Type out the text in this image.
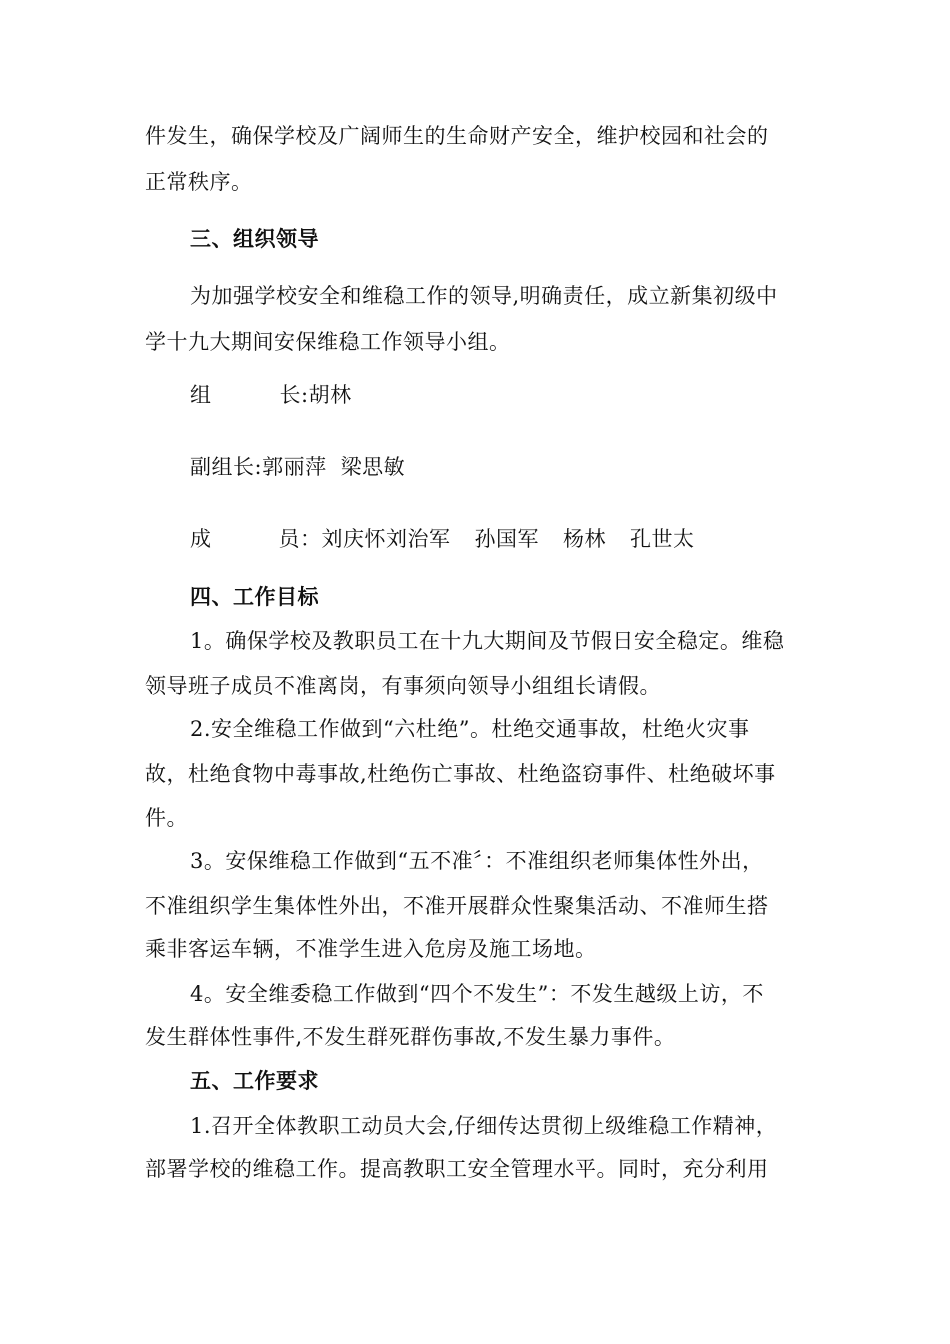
件发生，确保学校及广阔师生的生命财产安全，维护校园和社会的
正常秩序。
三、组织领导
为加强学校安全和维稳工作的领导,明确责任，成立新集初级中
学十九大期间安保维稳工作领导小组。
组	长:胡林
副组长:郭丽萍 梁思敏
成	员：刘庆怀刘治军 孙国军 杨林 孔世太
四、工作目标
1。确保学校及教职员工在十九大期间及节假日安全稳定。维稳
领导班子成员不准离岗，有事须向领导小组组长请假。
2.安全维稳工作做到“六杜绝”。杜绝交通事故，杜绝火灾事
故，杜绝食物中毒事故,杜绝伤亡事故、杜绝盗窃事件、杜绝破坏事
件。
3。安保维稳工作做到“五不准〞：不准组织老师集体性外出，
不准组织学生集体性外出，不准开展群众性聚集活动、不准师生搭
乘非客运车辆，不准学生进入危房及施工场地。
4。安全维委稳工作做到“四个不发生”：不发生越级上访，不
发生群体性事件,不发生群死群伤事故,不发生暴力事件。
五、工作要求
1.召开全体教职工动员大会,仔细传达贯彻上级维稳工作精神，
部署学校的维稳工作。提高教职工安全管理水平。同时，充分利用
